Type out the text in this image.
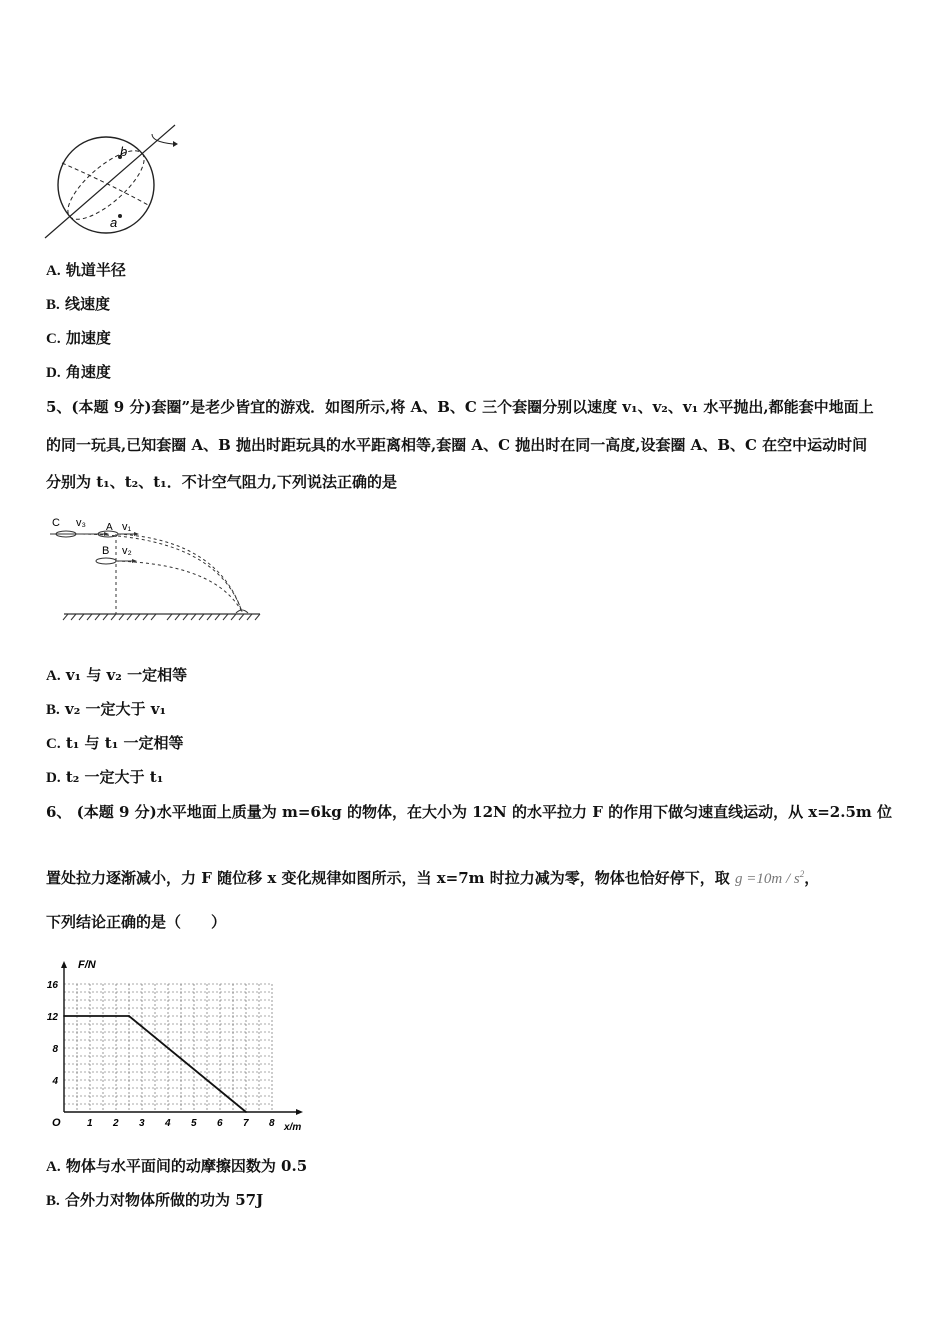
b
a
A. 轨道半径
B. 线速度
C. 加速度
D. 角速度
5、(本题 9 分)套圈”是老少皆宜的游戏．如图所示,将 A、B、C 三个套圈分别以速度 v₁、v₂、v₁ 水平抛出,都能套中地面上
的同一玩具,已知套圈 A、B 抛出时距玩具的水平距离相等,套圈 A、C 抛出时在同一高度,设套圈 A、B、C 在空中运动时间
分别为 t₁、t₂、t₁．不计空气阻力,下列说法正确的是
C v₃ A v₁
B v₂
A. v₁ 与 v₂ 一定相等
B. v₂ 一定大于 v₁
C. t₁ 与 t₁ 一定相等
D. t₂ 一定大于 t₁
6、 (本题 9 分)水平地面上质量为 m=6kg 的物体，在大小为 12N 的水平拉力 F 的作用下做匀速直线运动，从 x=2.5m 位
置处拉力逐渐减小，力 F 随位移 x 变化规律如图所示，当 x=7m 时拉力减为零，物体也恰好停下，取 $g =10m / s^2$，
下列结论正确的是（　　）
1 2 3 4 5 6 7 8
4
8
12
16
O	x/m
F/N
A. 物体与水平面间的动摩擦因数为 0.5
B. 合外力对物体所做的功为 57J
